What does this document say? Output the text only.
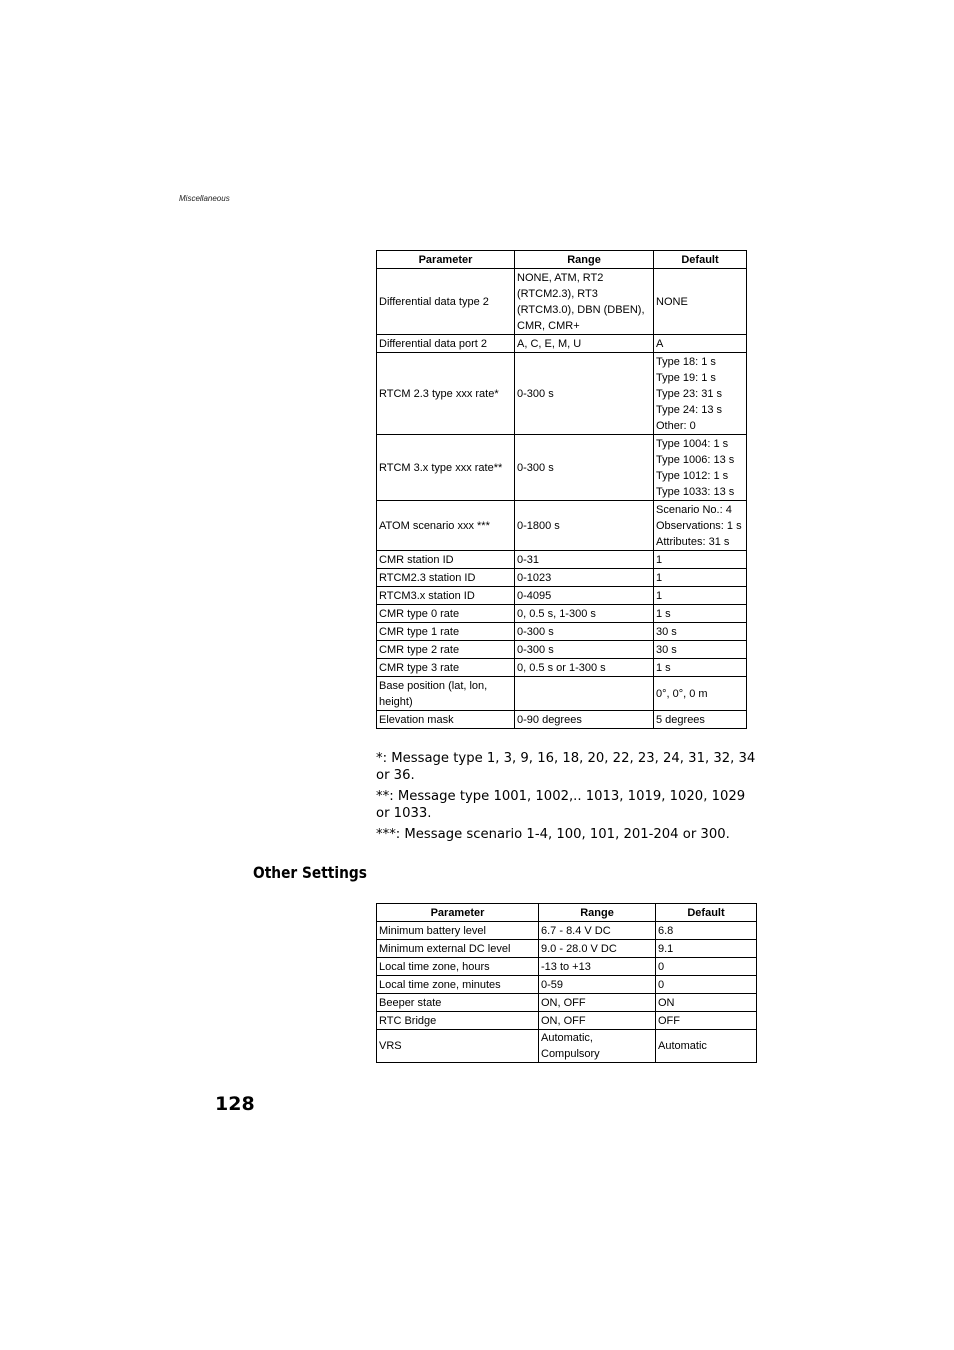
Miscellaneous
Parameter	Range	Default
Differential data type 2	NONE, ATM, RT2
(RTCM2.3), RT3
(RTCM3.0), DBN (DBEN),
CMR, CMR+	NONE

Differential data port 2	A, C, E, M, U	A

RTCM 2.3 type xxx rate*	0-300 s	Type 18: 1 s
Type 19: 1 s
Type 23: 31 s
Type 24: 13 s
Other: 0

RTCM 3.x type xxx rate**	0-300 s	Type 1004: 1 s
Type 1006: 13 s
Type 1012: 1 s
Type 1033: 13 s

ATOM scenario xxx ***	0-1800 s	Scenario No.: 4
Observations: 1 s
Attributes: 31 s

CMR station ID	0-31	1

RTCM2.3 station ID	0-1023	1

RTCM3.x station ID	0-4095	1

CMR type 0 rate	0, 0.5 s, 1-300 s	1 s

CMR type 1 rate	0-300 s	30 s

CMR type 2 rate	0-300 s	30 s

CMR type 3 rate	0, 0.5 s or 1-300 s	1 s

Base position (lat, lon, height)		0°, 0°, 0 m

Elevation mask	0-90 degrees	5 degrees

*: Message type 1, 3, 9, 16, 18, 20, 22, 23, 24, 31, 32, 34 or 36.

**: Message type 1001, 1002,.. 1013, 1019, 1020, 1029 or 1033.

***: Message scenario 1-4, 100, 101, 201-204 or 300.

Other Settings
Parameter	Range	Default
Minimum battery level	6.7 - 8.4 V DC	6.8
Minimum external DC level	9.0 - 28.0 V DC	9.1
Local time zone, hours	-13 to +13	0
Local time zone, minutes	0-59	0
Beeper state	ON, OFF	ON
RTC Bridge	ON, OFF	OFF
VRS	Automatic, Compulsory	Automatic
128
